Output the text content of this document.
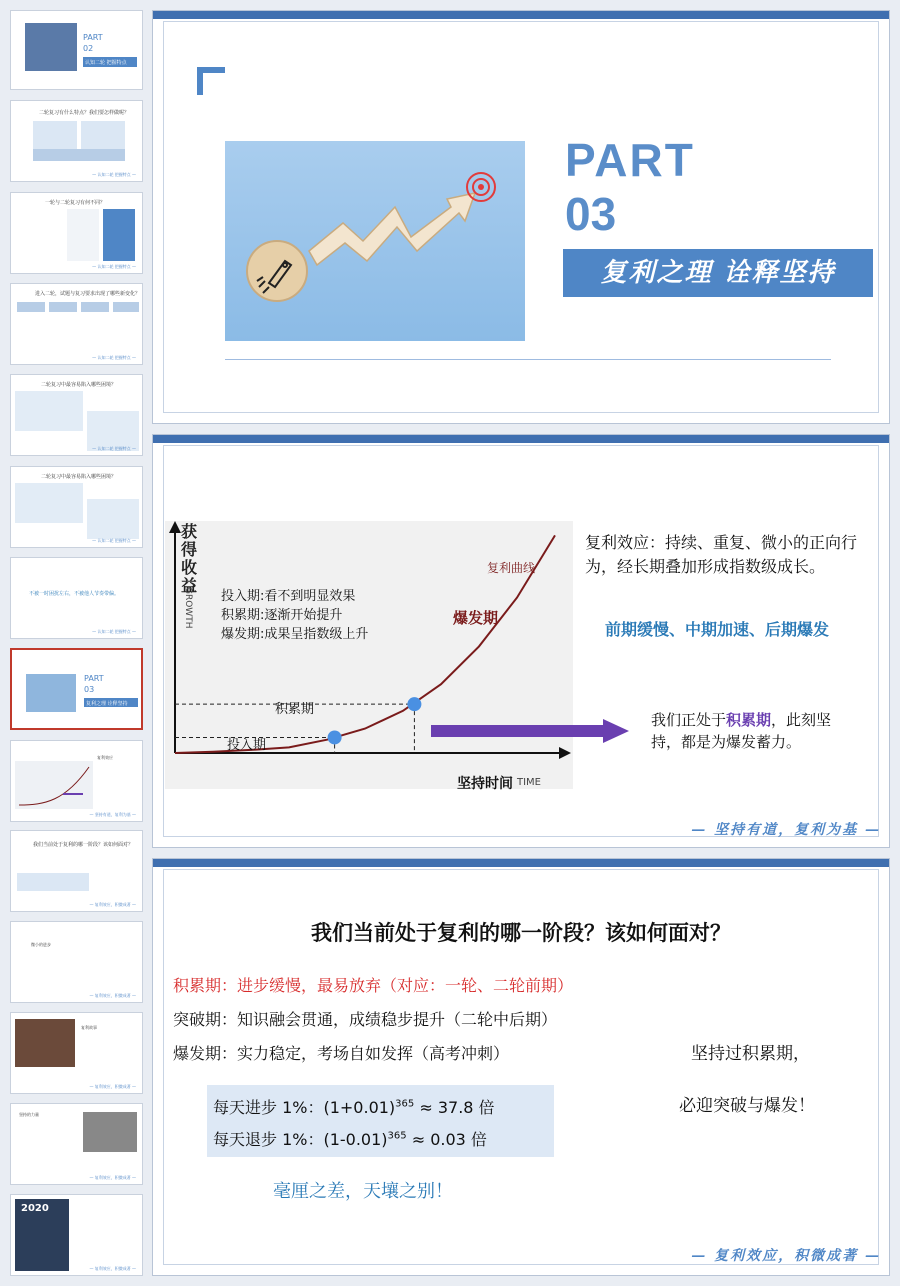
PART
02
认知二轮 把握特点
二轮复习有什么特点？我们要怎样做呢？
— 认知二轮 把握特点 —
一轮与二轮复习有何不同？
— 认知二轮 把握特点 —
进入二轮，试题与复习要求出现了哪些新变化？
— 认知二轮 把握特点 —
二轮复习中最容易陷入哪些困境？
— 认知二轮 把握特点 —
二轮复习中最容易陷入哪些困境？
— 认知二轮 把握特点 —
不被一时困扰左右，不被他人节奏带偏。
— 认知二轮 把握特点 —
PART
03
复利之理 诠释坚持
复利效应
— 坚持有道，复利为基 —
我们当前处于复利的哪一阶段？该如何面对？
— 复利效应，积微成著 —
微小的进步
— 复利效应，积微成著 —
复利故事
— 复利效应，积微成著 —
坚持的力量
— 复利效应，积微成著 —
2020
— 复利效应，积微成著 —
PART
03
复利之理 诠释坚持
获得收益
GROWTH
复利曲线
爆发期
投入期:看不到明显效果
积累期:逐渐开始提升
爆发期:成果呈指数级上升
积累期
投入期
坚持时间 TIME
复利效应：持续、重复、微小的正向行为，经长期叠加形成指数级成长。
前期缓慢、中期加速、后期爆发
我们正处于积累期，此刻坚持，都是为爆发蓄力。
— 坚持有道，复利为基 —
我们当前处于复利的哪一阶段？该如何面对？
积累期：进步缓慢，最易放弃（对应：一轮、二轮前期）
突破期：知识融会贯通，成绩稳步提升（二轮中后期）
爆发期：实力稳定，考场自如发挥（高考冲刺）	坚持过积累期，
必迎突破与爆发！
每天进步 1%：$(1+0.01)^{365} \approx 37.8$ 倍
每天退步 1%：$(1-0.01)^{365} \approx 0.03$ 倍
毫厘之差，天壤之别！
— 复利效应，积微成著 —
